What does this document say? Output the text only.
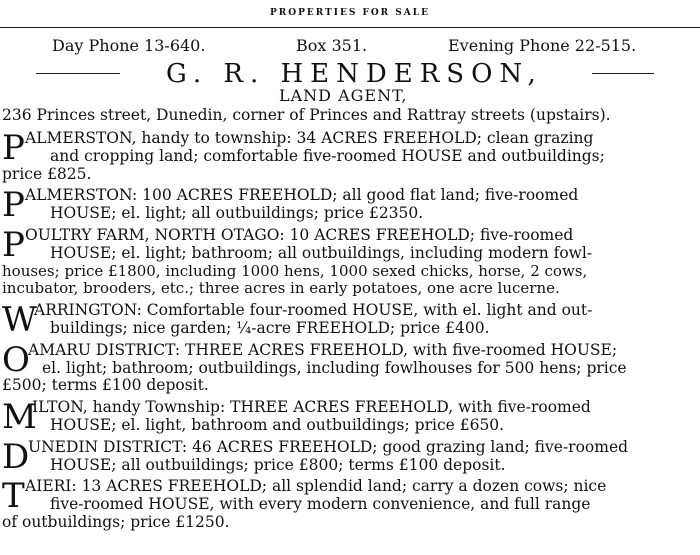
PROPERTIES FOR SALE
Day Phone 13-640.	Box 351.	Evening Phone 22-515.
G. R. HENDERSON,
LAND AGENT,
236 Princes street, Dunedin, corner of Princes and Rattray streets (upstairs).
P ALMERSTON, handy to township: 34 ACRES FREEHOLD; clean grazing
and cropping land; comfortable five-roomed HOUSE and outbuildings;
price £825.
P ALMERSTON: 100 ACRES FREEHOLD; all good flat land; five-roomed
HOUSE; el. light; all outbuildings; price £2350.
P OULTRY FARM, NORTH OTAGO: 10 ACRES FREEHOLD; five-roomed
HOUSE; el. light; bathroom; all outbuildings, including modern fowl-
houses; price £1800, including 1000 hens, 1000 sexed chicks, horse, 2 cows,
incubator, brooders, etc.; three acres in early potatoes, one acre lucerne.
W
ARRINGTON: Comfortable four-roomed HOUSE, with el. light and out-
buildings; nice garden; ¼-acre FREEHOLD; price £400.
O
AMARU DISTRICT: THREE ACRES FREEHOLD, with five-roomed HOUSE;
el. light; bathroom; outbuildings, including fowlhouses for 500 hens; price
£500; terms £100 deposit.
M
ILTON, handy Township: THREE ACRES FREEHOLD, with five-roomed
HOUSE; el. light, bathroom and outbuildings; price £650.
D
UNEDIN DISTRICT: 46 ACRES FREEHOLD; good grazing land; five-roomed
HOUSE; all outbuildings; price £800; terms £100 deposit.
T AIERI: 13 ACRES FREEHOLD; all splendid land; carry a dozen cows; nice
five-roomed HOUSE, with every modern convenience, and full range
of outbuildings; price £1250.
